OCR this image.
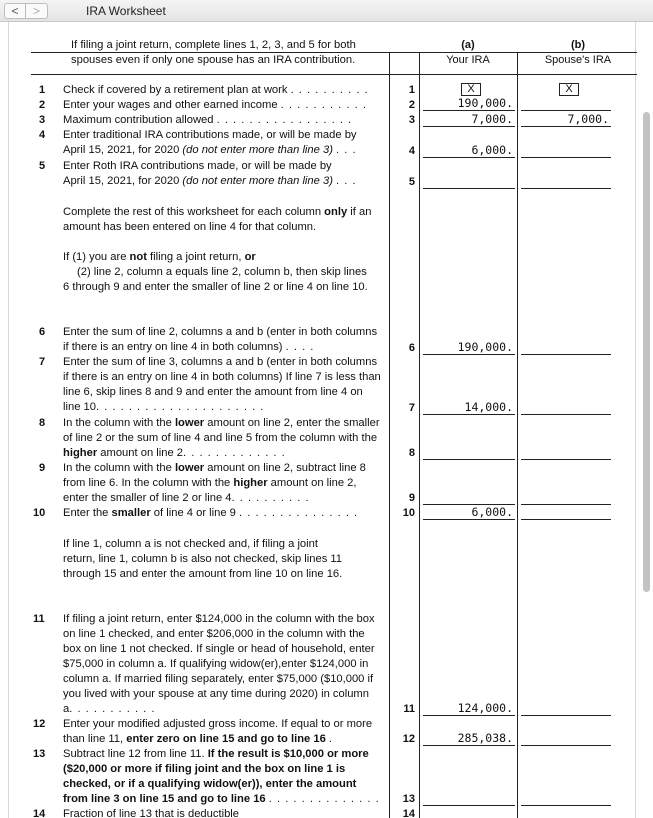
<	>	IRA Worksheet
If filing a joint return, complete lines 1, 2, 3, and 5 for both spouses even if only one spouse has an IRA contribution.
(a)
Your IRA
(b)
Spouse's IRA
1	Check if covered by a retirement plan at work . . . . . . . . . .	1	X	X
2	Enter your wages and other earned income . . . . . . . . . . .	2	190,000.
3	Maximum contribution allowed . . . . . . . . . . . . . . . . .	3	7,000.	7,000.
4	Enter traditional IRA contributions made, or will be made by
April 15, 2021, for 2020 (do not enter more than line 3) . . .	4	6,000.
5	Enter Roth IRA contributions made, or will be made by
April 15, 2021, for 2020 (do not enter more than line 3) . . .	5
Complete the rest of this worksheet for each column only if an amount has been entered on line 4 for that column.
If (1) you are not filing a joint return, or
(2) line 2, column a equals line 2, column b, then skip lines 6 through 9 and enter the smaller of line 2 or line 4 on line 10.
6	Enter the sum of line 2, columns a and b (enter in both columns if there is an entry on line 4 in both columns) . . . .	6	190,000.
7	Enter the sum of line 3, columns a and b (enter in both columns if there is an entry on line 4 in both columns) If line 7 is less than line 6, skip lines 8 and 9 and enter the amount from line 4 on line 10. . . . . . . . . . . . . . . . . . . . .	7	14,000.
8	In the column with the lower amount on line 2, enter the smaller of line 2 or the sum of line 4 and line 5 from the column with the higher amount on line 2. . . . . . . . . . . . .	8
9	In the column with the lower amount on line 2, subtract line 8 from line 6. In the column with the higher amount on line 2, enter the smaller of line 2 or line 4. . . . . . . . . .	9
10	Enter the smaller of line 4 or line 9 . . . . . . . . . . . . . . .	10	6,000.
If line 1, column a is not checked and, if filing a joint return, line 1, column b is also not checked, skip lines 11 through 15 and enter the amount from line 10 on line 16.
11	If filing a joint return, enter $124,000 in the column with the box on line 1 checked, and enter $206,000 in the column with the box on line 1 not checked. If single or head of household, enter $75,000 in column a. If qualifying widow(er),enter $124,000 in column a. If married filing separately, enter $75,000 ($10,000 if you lived with your spouse at any time during 2020) in column a. . . . . . . . . . .	11	124,000.
12	Enter your modified adjusted gross income. If equal to or more than line 11, enter zero on line 15 and go to line 16 .	12	285,038.
13	Subtract line 12 from line 11. If the result is $10,000 or more ($20,000 or more if filing joint and the box on line 1 is checked, or if a qualifying widow(er)), enter the amount from line 3 on line 15 and go to line 16 . . . . . . . . . . . . . .	13
14	Fraction of line 13 that is deductible	14
